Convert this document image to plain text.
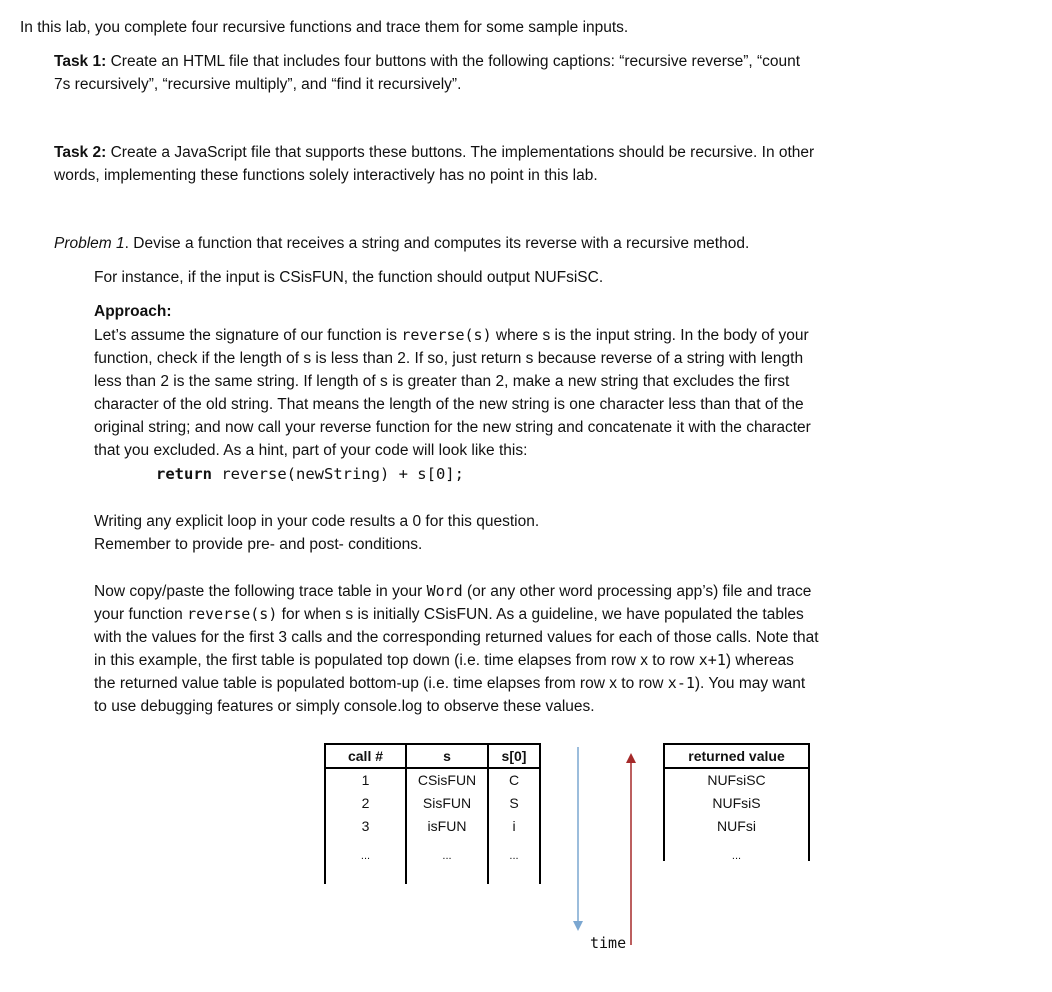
In this lab, you complete four recursive functions and trace them for some sample inputs.
Task 1: Create an HTML file that includes four buttons with the following captions: “recursive reverse”, “count
7s recursively”, “recursive multiply”, and “find it recursively”.
Task 2: Create a JavaScript file that supports these buttons. The implementations should be recursive. In other
words, implementing these functions solely interactively has no point in this lab.
Problem 1. Devise a function that receives a string and computes its reverse with a recursive method.
For instance, if the input is CSisFUN, the function should output NUFsiSC.
Approach:
Let’s assume the signature of our function is reverse(s) where s is the input string. In the body of your
function, check if the length of s is less than 2. If so, just return s because reverse of a string with length
less than 2 is the same string. If length of s is greater than 2, make a new string that excludes the first
character of the old string. That means the length of the new string is one character less than that of the
original string; and now call your reverse function for the new string and concatenate it with the character
that you excluded. As a hint, part of your code will look like this:
return reverse(newString) + s[0];
Writing any explicit loop in your code results a 0 for this question.
Remember to provide pre- and post- conditions.
Now copy/paste the following trace table in your Word (or any other word processing app’s) file and trace
your function reverse(s) for when s is initially CSisFUN. As a guideline, we have populated the tables
with the values for the first 3 calls and the corresponding returned values for each of those calls. Note that
in this example, the first table is populated top down (i.e. time elapses from row x to row x+1) whereas
the returned value table is populated bottom-up (i.e. time elapses from row x to row x-1). You may want
to use debugging features or simply console.log to observe these values.
call #	s	s[0]
1	CSisFUN	C
2	SisFUN	S
3	isFUN	i
...	...	...
time
returned value
NUFsiSC
NUFsiS
NUFsi
...
